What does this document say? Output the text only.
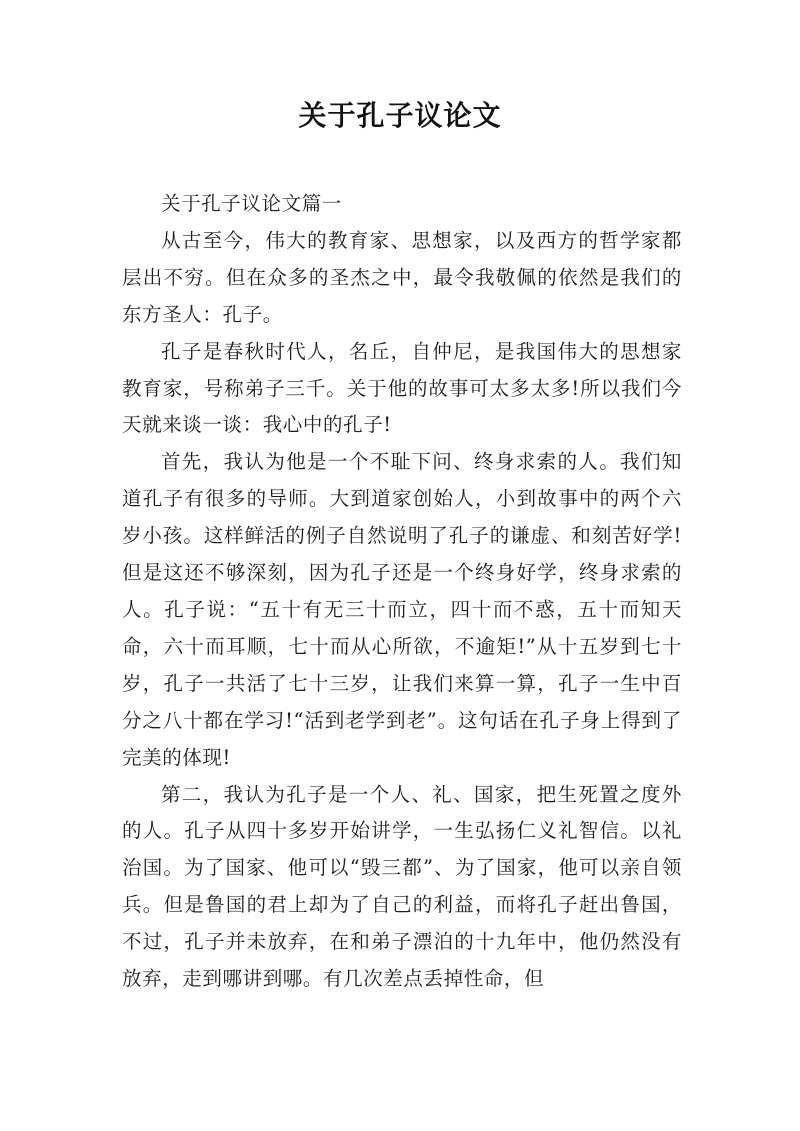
关于孔子议论文

关于孔子议论文篇一

从古至今，伟大的教育家、思想家，以及西方的哲学家都层出不穷。但在众多的圣杰之中，最令我敬佩的依然是我们的东方圣人：孔子。

孔子是春秋时代人，名丘，自仲尼，是我国伟大的思想家教育家，号称弟子三千。关于他的故事可太多太多!所以我们今天就来谈一谈：我心中的孔子!

首先，我认为他是一个不耻下问、终身求索的人。我们知道孔子有很多的导师。大到道家创始人，小到故事中的两个六岁小孩。这样鲜活的例子自然说明了孔子的谦虚、和刻苦好学!但是这还不够深刻，因为孔子还是一个终身好学，终身求索的人。孔子说：“五十有无三十而立，四十而不惑，五十而知天命，六十而耳顺，七十而从心所欲，不逾矩!”从十五岁到七十岁，孔子一共活了七十三岁，让我们来算一算，孔子一生中百分之八十都在学习!“活到老学到老”。这句话在孔子身上得到了完美的体现!

第二，我认为孔子是一个人、礼、国家，把生死置之度外的人。孔子从四十多岁开始讲学，一生弘扬仁义礼智信。以礼治国。为了国家、他可以“毁三都”、为了国家，他可以亲自领兵。但是鲁国的君上却为了自己的利益，而将孔子赶出鲁国，不过，孔子并未放弃，在和弟子漂泊的十九年中，他仍然没有放弃，走到哪讲到哪。有几次差点丢掉性命，但
